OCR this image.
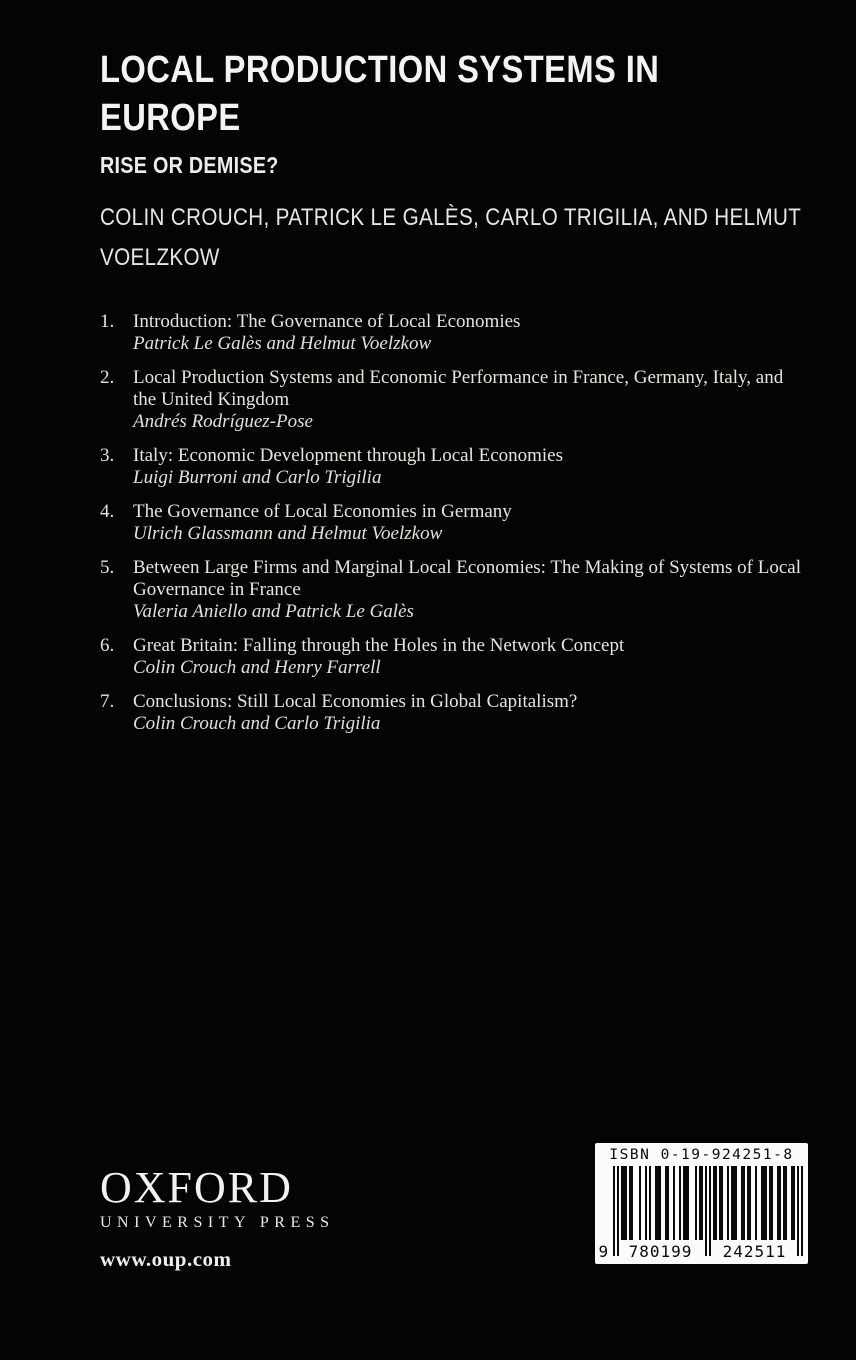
LOCAL PRODUCTION SYSTEMS IN
EUROPE
RISE OR DEMISE?
COLIN CROUCH, PATRICK LE GALÈS, CARLO TRIGILIA, AND HELMUT
VOELZKOW
1. Introduction: The Governance of Local Economies
Patrick Le Galès and Helmut Voelzkow
2. Local Production Systems and Economic Performance in France, Germany, Italy, and the United Kingdom
Andrés Rodríguez-Pose
3. Italy: Economic Development through Local Economies
Luigi Burroni and Carlo Trigilia
4. The Governance of Local Economies in Germany
Ulrich Glassmann and Helmut Voelzkow
5. Between Large Firms and Marginal Local Economies: The Making of Systems of Local Governance in France
Valeria Aniello and Patrick Le Galès
6. Great Britain: Falling through the Holes in the Network Concept
Colin Crouch and Henry Farrell
7. Conclusions: Still Local Economies in Global Capitalism?
Colin Crouch and Carlo Trigilia
OXFORD
UNIVERSITY PRESS
www.oup.com
ISBN 0-19-924251-8
9	780199	242511
